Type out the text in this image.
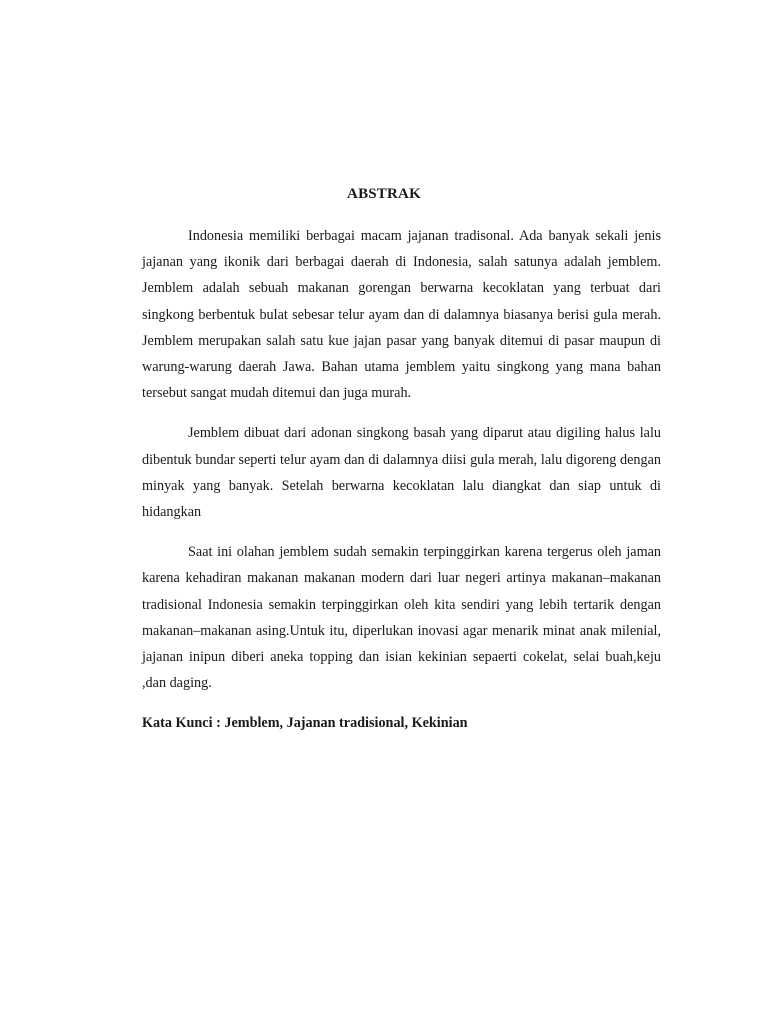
ABSTRAK

Indonesia memiliki berbagai macam jajanan tradisonal. Ada banyak sekali jenis jajanan yang ikonik dari berbagai daerah di Indonesia, salah satunya adalah jemblem. Jemblem adalah sebuah makanan gorengan berwarna kecoklatan yang terbuat dari singkong berbentuk bulat sebesar telur ayam dan di dalamnya biasanya berisi gula merah. Jemblem merupakan salah satu kue jajan pasar yang banyak ditemui di pasar maupun di warung-warung daerah Jawa. Bahan utama jemblem yaitu singkong yang mana bahan tersebut sangat mudah ditemui dan juga murah.

Jemblem dibuat dari adonan singkong basah yang diparut atau digiling halus lalu dibentuk bundar seperti telur ayam dan di dalamnya diisi gula merah, lalu digoreng dengan minyak yang banyak. Setelah berwarna kecoklatan lalu diangkat dan siap untuk di hidangkan

Saat ini olahan jemblem sudah semakin terpinggirkan karena tergerus oleh jaman karena kehadiran makanan makanan modern dari luar negeri artinya makanan–makanan tradisional Indonesia semakin terpinggirkan oleh kita sendiri yang lebih tertarik dengan makanan–makanan asing.Untuk itu, diperlukan inovasi agar menarik minat anak milenial, jajanan inipun diberi aneka topping dan isian kekinian sepaerti cokelat, selai buah,keju ,dan daging.

Kata Kunci : Jemblem, Jajanan tradisional, Kekinian
